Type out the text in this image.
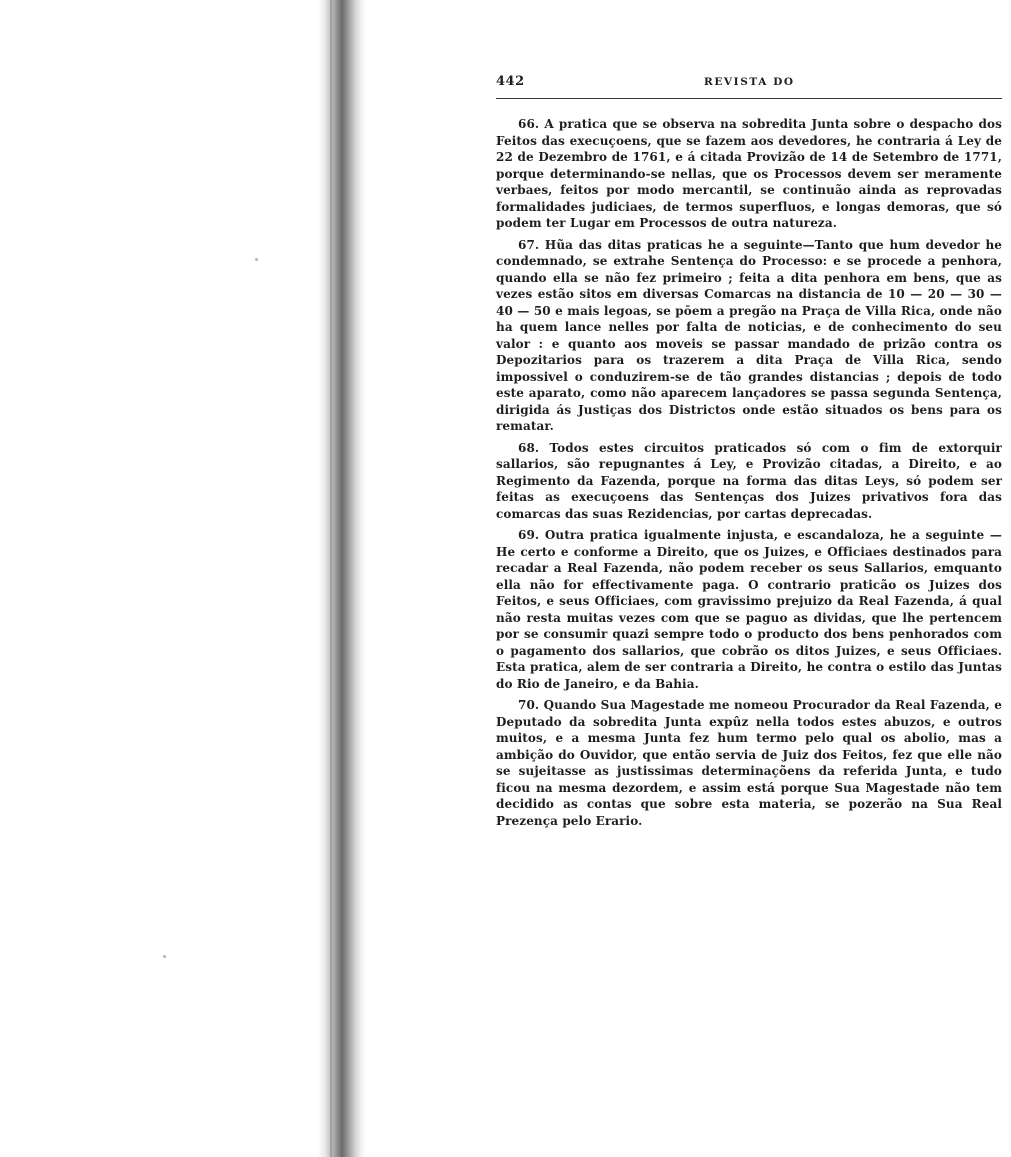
442	REVISTA DO

66. A pratica que se observa na sobredita Junta sobre o despacho dos Feitos das execuçoens, que se fazem aos devedores, he contraria á Ley de 22 de Dezembro de 1761, e á citada Provizão de 14 de Setembro de 1771, porque determinando-se nellas, que os Processos devem ser meramente verbaes, feitos por modo mercantil, se continuão ainda as reprovadas formalidades judiciaes, de termos superfluos, e longas demoras, que só podem ter Lugar em Processos de outra natureza.

67. Hũa das ditas praticas he a seguinte—Tanto que hum devedor he condemnado, se extrahe Sentença do Processo: e se procede a penhora, quando ella se não fez primeiro ; feita a dita penhora em bens, que as vezes estão sitos em diversas Comarcas na distancia de 10 — 20 — 30 — 40 — 50 e mais legoas, se pōem a pregão na Praça de Villa Rica, onde não ha quem lance nelles por falta de noticias, e de conhecimento do seu valor : e quanto aos moveis se passar mandado de prizão contra os Depozitarios para os trazerem a dita Praça de Villa Rica, sendo impossivel o conduzirem-se de tão grandes distancias ; depois de todo este aparato, como não aparecem lançadores se passa segunda Sentença, dirigida ás Justiças dos Districtos onde estão situados os bens para os rematar.

68. Todos estes circuitos praticados só com o fim de extorquir sallarios, são repugnantes á Ley, e Provizão citadas, a Direito, e ao Regimento da Fazenda, porque na forma das ditas Leys, só podem ser feitas as execuçoens das Sentenças dos Juizes privativos fora das comarcas das suas Rezidencias, por cartas deprecadas.

69. Outra pratica igualmente injusta, e escandaloza, he a seguinte — He certo e conforme a Direito, que os Juizes, e Officiaes destinados para recadar a Real Fazenda, não podem receber os seus Sallarios, emquanto ella não for effectivamente paga. O contrario praticão os Juizes dos Feitos, e seus Officiaes, com gravissimo prejuizo da Real Fazenda, á qual não resta muitas vezes com que se paguo as dividas, que lhe pertencem por se consumir quazi sempre todo o producto dos bens penhorados com o pagamento dos sallarios, que cobrão os ditos Juizes, e seus Officiaes. Esta pratica, alem de ser contraria a Direito, he contra o estilo das Juntas do Rio de Janeiro, e da Bahia.

70. Quando Sua Magestade me nomeou Procurador da Real Fazenda, e Deputado da sobredita Junta expûz nella todos estes abuzos, e outros muitos, e a mesma Junta fez hum termo pelo qual os abolio, mas a ambição do Ouvidor, que então servia de Juiz dos Feitos, fez que elle não se sujeitasse as justissimas determinaçõens da referida Junta, e tudo ficou na mesma dezordem, e assim está porque Sua Magestade não tem decidido as contas que sobre esta materia, se pozerão na Sua Real Prezença pelo Erario.
